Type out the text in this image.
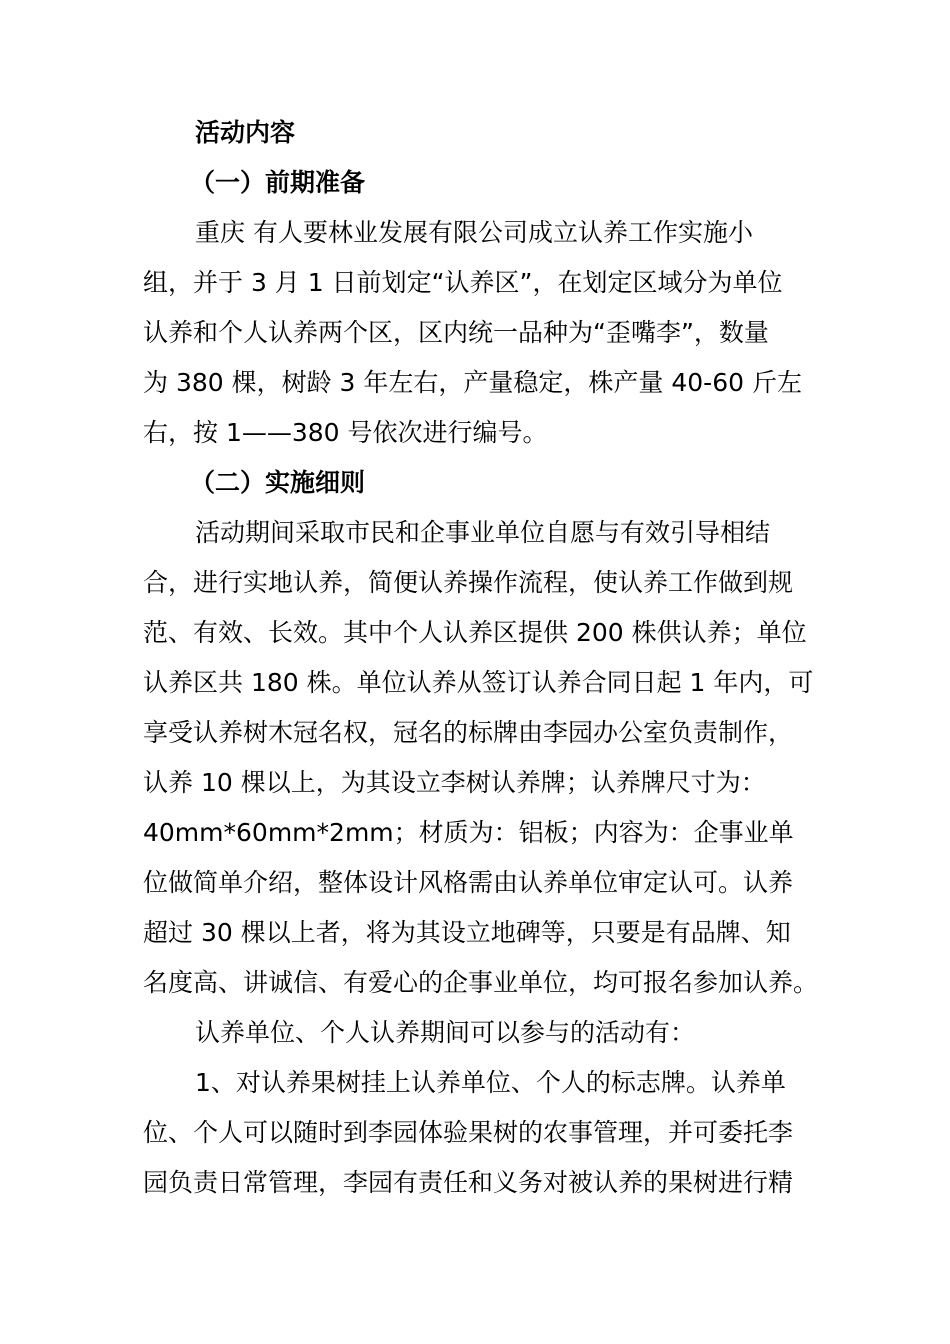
活动内容
（一）前期准备
重庆 有人要林业发展有限公司成立认养工作实施小
组，并于 3 月 1 日前划定“认养区”，在划定区域分为单位
认养和个人认养两个区，区内统一品种为“歪嘴李”，数量
为 380 棵，树龄 3 年左右，产量稳定，株产量 40-60 斤左
右，按 1——380 号依次进行编号。
（二）实施细则
活动期间采取市民和企事业单位自愿与有效引导相结
合，进行实地认养，简便认养操作流程，使认养工作做到规
范、有效、长效。其中个人认养区提供 200 株供认养；单位
认养区共 180 株。单位认养从签订认养合同日起 1 年内，可
享受认养树木冠名权，冠名的标牌由李园办公室负责制作，
认养 10 棵以上，为其设立李树认养牌；认养牌尺寸为：
40mm*60mm*2mm；材质为：铝板；内容为：企事业单
位做简单介绍，整体设计风格需由认养单位审定认可。认养
超过 30 棵以上者，将为其设立地碑等，只要是有品牌、知
名度高、讲诚信、有爱心的企事业单位，均可报名参加认养。
认养单位、个人认养期间可以参与的活动有：
1、对认养果树挂上认养单位、个人的标志牌。认养单
位、个人可以随时到李园体验果树的农事管理，并可委托李
园负责日常管理，李园有责任和义务对被认养的果树进行精
